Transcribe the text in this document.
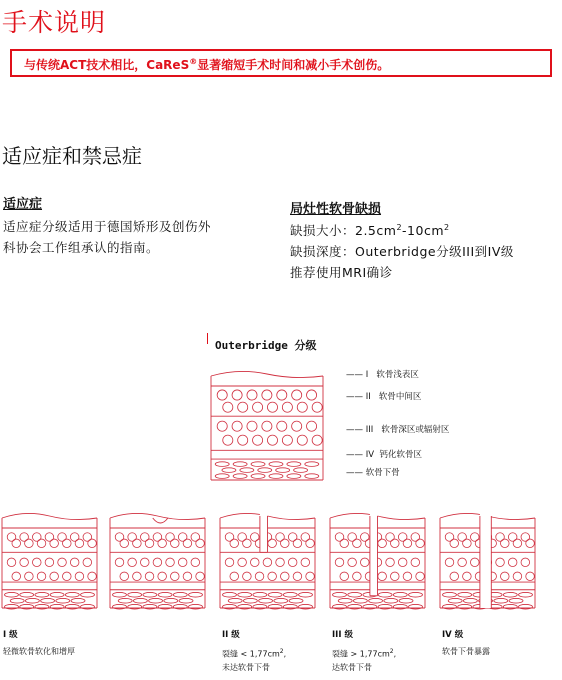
手术说明
与传统ACT技术相比，CaReS®显著缩短手术时间和减小手术创伤。
适应症和禁忌症
适应症
适应症分级适用于德国矫形及创伤外
科协会工作组承认的指南。
局灶性软骨缺损
缺损大小：$2.5cm^2-10cm^2$
缺损深度：Outerbridge分级III到IV级
推荐使用MRI确诊
Outerbridge 分级
—— I 软骨浅表区
—— II 软骨中间区
—— III 软骨深区或辐射区
—— IV 钙化软骨区
—— 软骨下骨
I 级
轻微软骨软化和增厚
II 级
裂缝 < $1,77cm^2$,
未达软骨下骨
III 级
裂缝 > $1,77cm^2$,
达软骨下骨
IV 级
软骨下骨暴露
